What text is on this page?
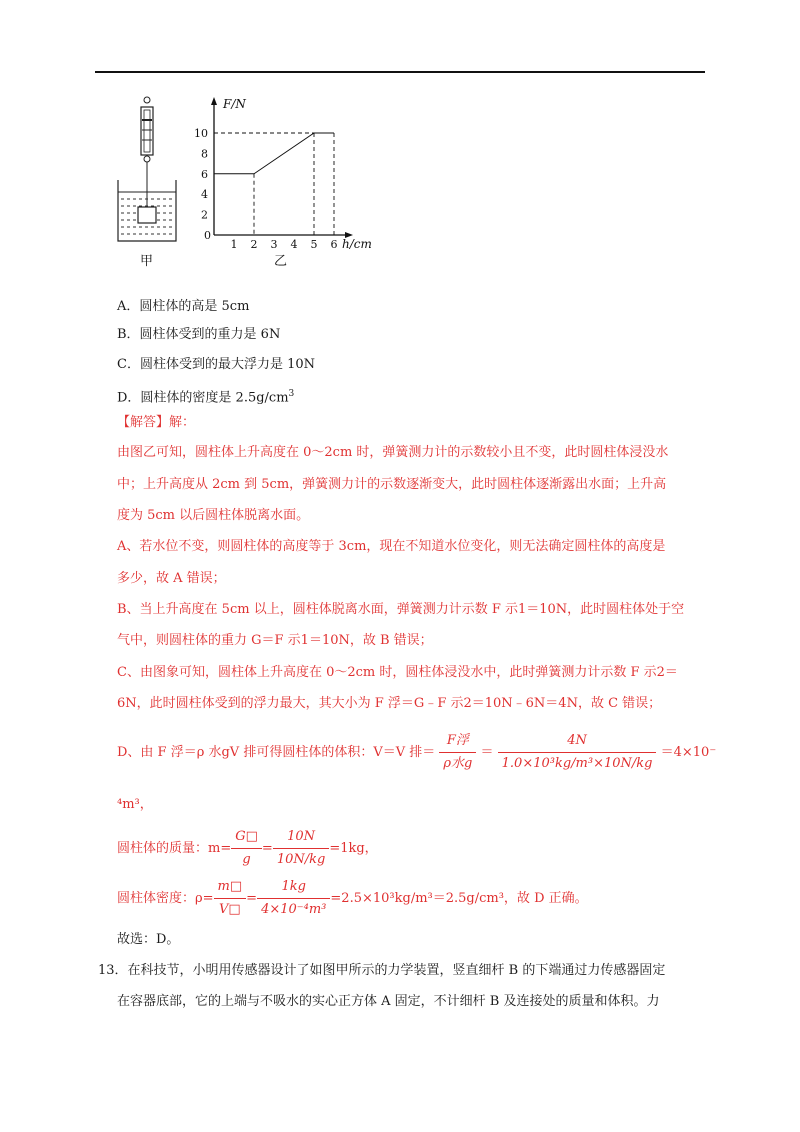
甲
F/N
h/cm
0
2
4
6
8
10
1 2 3 4 5 6
乙
A．圆柱体的高是 5cm
B．圆柱体受到的重力是 6N
C．圆柱体受到的最大浮力是 10N
D．圆柱体的密度是 $2.5g/cm^3$
【解答】解：
由图乙可知，圆柱体上升高度在 0～2cm 时，弹簧测力计的示数较小且不变，此时圆柱体浸没水
中；上升高度从 2cm 到 5cm，弹簧测力计的示数逐渐变大，此时圆柱体逐渐露出水面；上升高
度为 5cm 以后圆柱体脱离水面。
A、若水位不变，则圆柱体的高度等于 3cm，现在不知道水位变化，则无法确定圆柱体的高度是
多少，故 A 错误；
B、当上升高度在 5cm 以上，圆柱体脱离水面，弹簧测力计示数 F 示1＝10N，此时圆柱体处于空
气中，则圆柱体的重力 G＝F 示1＝10N，故 B 错误；
C、由图象可知，圆柱体上升高度在 0～2cm 时，圆柱体浸没水中，此时弹簧测力计示数 F 示2＝
6N，此时圆柱体受到的浮力最大，其大小为 F 浮＝G﹣F 示2＝10N﹣6N＝4N，故 C 错误；
D、由 F 浮＝ρ 水gV 排可得圆柱体的体积：V＝V 排＝ $\frac{\text{F浮}}{\text{ρ水g}} = \frac{4N}{\text{1.0×10³kg/m³×10N/kg}} =4\times 10^-$
⁴m³，
圆柱体的质量：$m= \frac{G□}{g} = \frac{10N}{10N/kg} =1kg$，
圆柱体密度：$\rho= \frac{m□}{V□} = \frac{1kg}{\text{4×10⁻⁴m³}} =2.5\times 10^3kg/m^3=2.5g/cm^3$，故 D 正确。
故选：D。
13．在科技节，小明用传感器设计了如图甲所示的力学装置，竖直细杆 B 的下端通过力传感器固定
在容器底部，它的上端与不吸水的实心正方体 A 固定，不计细杆 B 及连接处的质量和体积。力
